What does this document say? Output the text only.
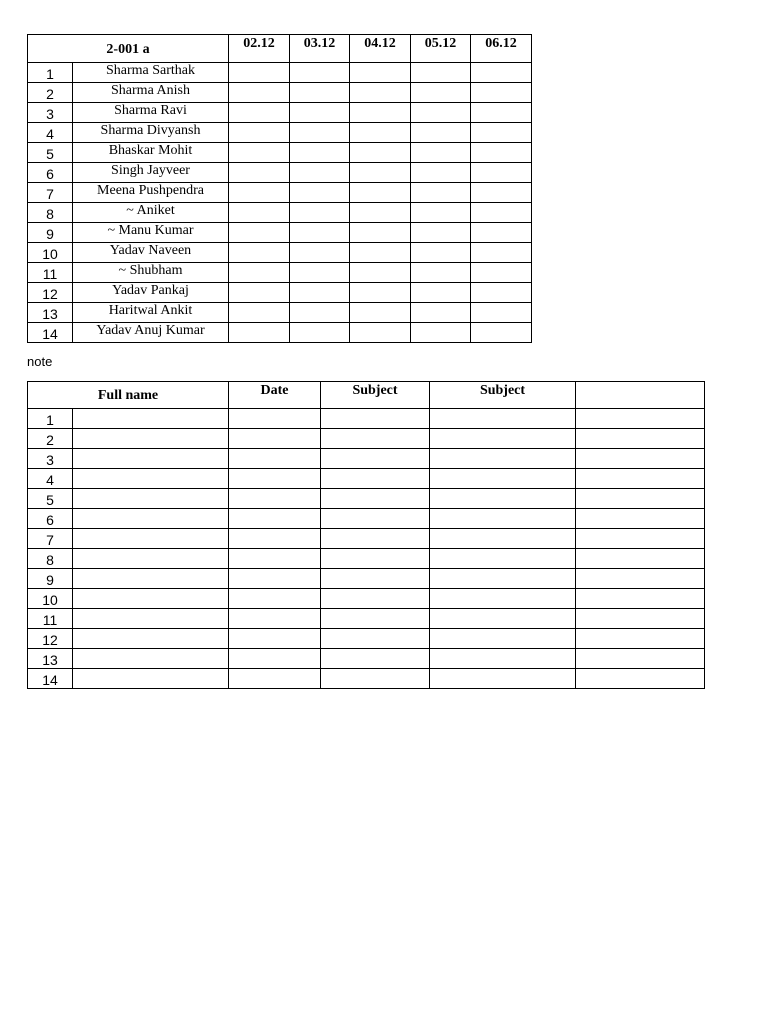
2-001 a		02.12	03.12	04.12	05.12	06.12
1	Sharma Sarthak					
2	Sharma Anish					
3	Sharma Ravi					
4	Sharma Divyansh					
5	Bhaskar Mohit					
6	Singh Jayveer					
7	Meena Pushpendra					
8	~ Aniket					
9	~ Manu Kumar					
10	Yadav Naveen					
11	~ Shubham					
12	Yadav Pankaj					
13	Haritwal Ankit					
14	Yadav Anuj Kumar					
note
Full name		Date	Subject	Subject	
1					
2					
3					
4					
5					
6					
7					
8					
9					
10					
11					
12					
13					
14					
